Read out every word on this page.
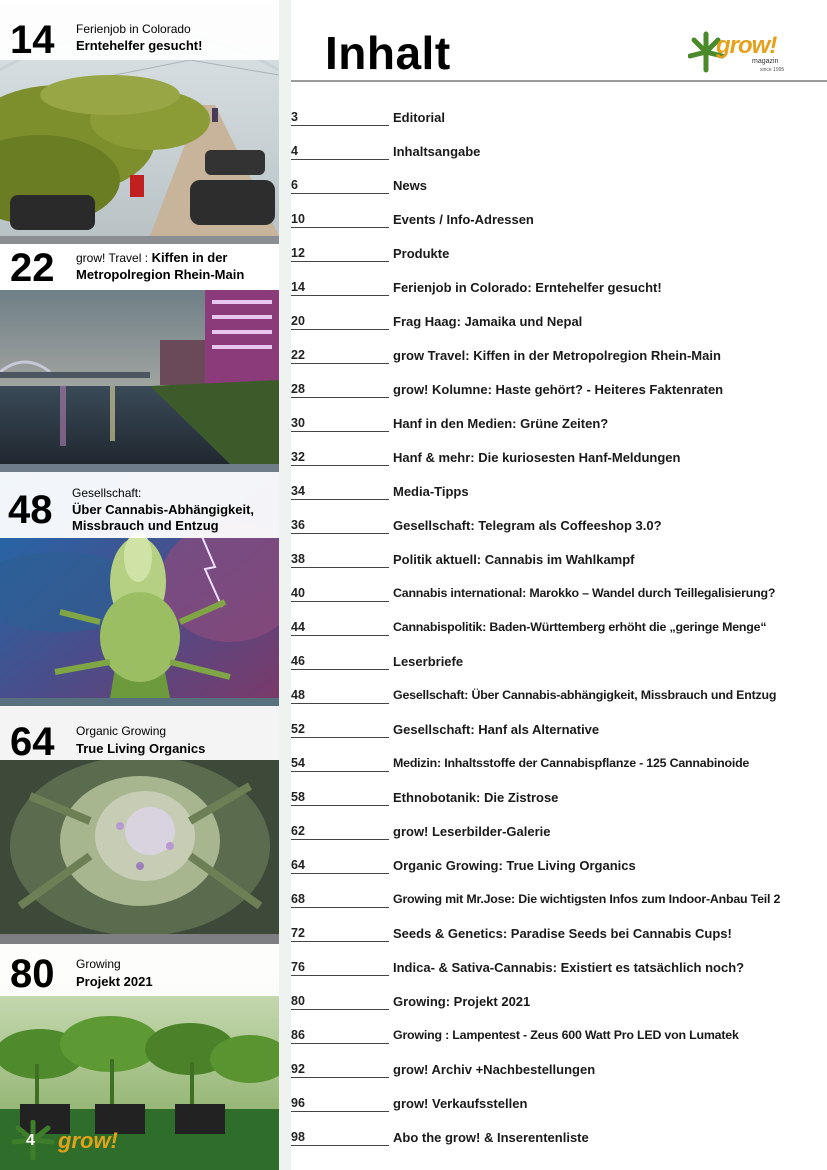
14 Ferienjob in Colorado
Erntehelfer gesucht!
22 grow! Travel : Kiffen in der
Metropolregion Rhein-Main
48 Gesellschaft:
Über Cannabis-Abhängigkeit,
Missbrauch und Entzug
64 Organic Growing
True Living Organics
80 Growing
Projekt 2021
4 grow!
Inhalt	grow!
magazin
since 1995
3	Editorial
4	Inhaltsangabe
6	News
10	Events / Info-Adressen
12	Produkte
14	Ferienjob in Colorado: Erntehelfer gesucht!
20	Frag Haag: Jamaika und Nepal
22	grow Travel: Kiffen in der Metropolregion Rhein-Main
28	grow! Kolumne: Haste gehört? - Heiteres Faktenraten
30	Hanf in den Medien: Grüne Zeiten?
32	Hanf & mehr: Die kuriosesten Hanf-Meldungen
34	Media-Tipps
36	Gesellschaft: Telegram als Coffeeshop 3.0?
38	Politik aktuell: Cannabis im Wahlkampf
40	Cannabis international: Marokko – Wandel durch Teillegalisierung?
44	Cannabispolitik: Baden-Württemberg erhöht die „geringe Menge“
46	Leserbriefe
48	Gesellschaft: Über Cannabis-abhängigkeit, Missbrauch und Entzug
52	Gesellschaft: Hanf als Alternative
54	Medizin: Inhaltsstoffe der Cannabispflanze - 125 Cannabinoide
58	Ethnobotanik: Die Zistrose
62	grow! Leserbilder-Galerie
64	Organic Growing: True Living Organics
68	Growing mit Mr.Jose: Die wichtigsten Infos zum Indoor-Anbau Teil 2
72	Seeds & Genetics: Paradise Seeds bei Cannabis Cups!
76	Indica- & Sativa-Cannabis: Existiert es tatsächlich noch?
80	Growing: Projekt 2021
86	Growing : Lampentest - Zeus 600 Watt Pro LED von Lumatek
92	grow! Archiv +Nachbestellungen
96	grow! Verkaufsstellen
98	Abo the grow! & Inserentenliste
